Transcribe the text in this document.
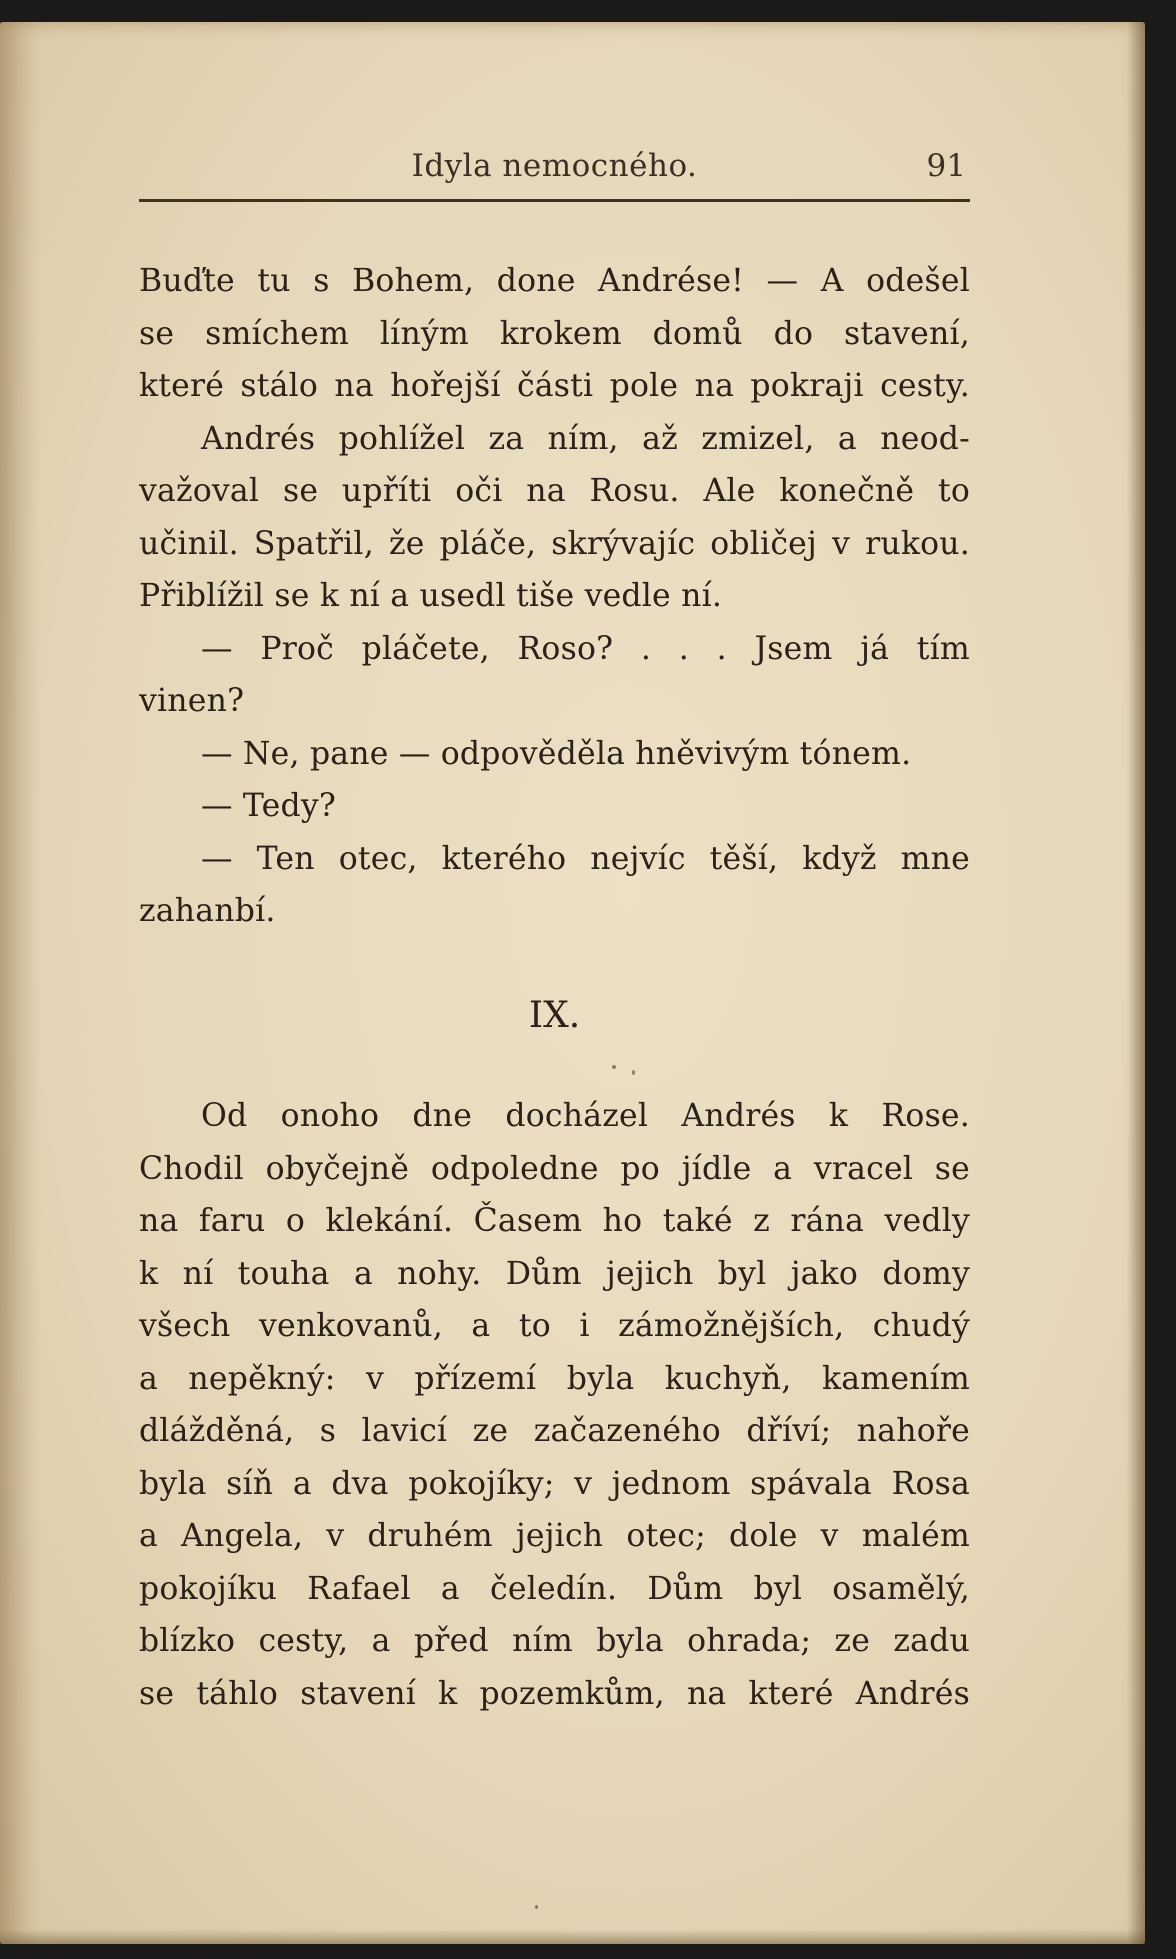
Idyla nemocného.	91
Buďte tu s Bohem, done Andrése! — A odešel
se smíchem líným krokem domů do stavení,
které stálo na hořejší části pole na pokraji cesty.
Andrés pohlížel za ním, až zmizel, a neod-
važoval se upříti oči na Rosu. Ale konečně to
učinil. Spatřil, že pláče, skrývajíc obličej v rukou.
Přiblížil se k ní a usedl tiše vedle ní.
— Proč pláčete, Roso? . . . Jsem já tím
vinen?
— Ne, pane — odpověděla hněvivým tónem.
— Tedy?
— Ten otec, kterého nejvíc těší, když mne
zahanbí.
IX.
Od onoho dne docházel Andrés k Rose.
Chodil obyčejně odpoledne po jídle a vracel se
na faru o klekání. Časem ho také z rána vedly
k ní touha a nohy. Dům jejich byl jako domy
všech venkovanů, a to i zámožnějších, chudý
a nepěkný: v přízemí byla kuchyň, kamením
dlážděná, s lavicí ze začazeného dříví; nahoře
byla síň a dva pokojíky; v jednom spávala Rosa
a Angela, v druhém jejich otec; dole v malém
pokojíku Rafael a čeledín. Dům byl osamělý,
blízko cesty, a před ním byla ohrada; ze zadu
se táhlo stavení k pozemkům, na které Andrés
